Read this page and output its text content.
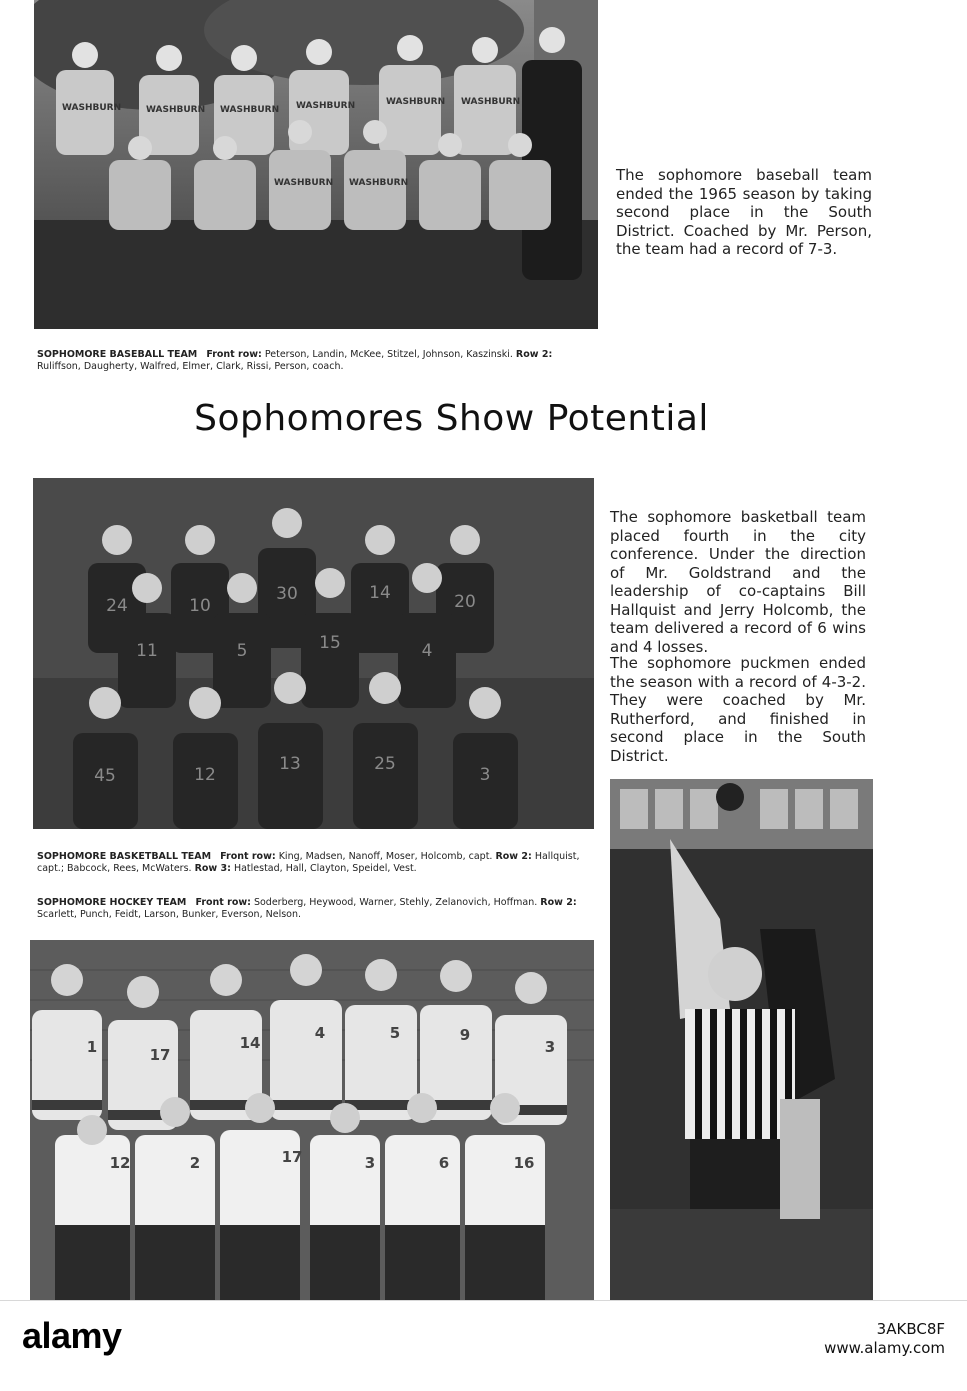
WASHBURN	WASHBURN WASHBURN WASHBURN	WASHBURN WASHBURN
WASHBURN WASHBURN	The sophomore baseball team ended the 1965 season by taking second place in the South District. Coached by Mr. Person, the team had a record of 7-3.

SOPHOMORE BASEBALL TEAM Front row: Peterson, Landin, McKee, Stitzel, Johnson, Kaszinski. Row 2: Ruliffson, Daugherty, Walfred, Elmer, Clark, Rissi, Person, coach.
Sophomores Show Potential
24	10
30	14	20
11	5	15	4
45	12
13	25
3

The sophomore basketball team placed fourth in the city conference. Under the direction of Mr. Goldstrand and the leadership of co-captains Bill Hallquist and Jerry Holcomb, the team delivered a record of 6 wins and 4 losses.

The sophomore puckmen ended the season with a record of 4-3-2. They were coached by Mr. Rutherford, and finished in second place in the South District.

SOPHOMORE BASKETBALL TEAM Front row: King, Madsen, Nanoff, Moser, Holcomb, capt. Row 2: Hallquist, capt.; Babcock, Rees, McWaters. Row 3: Hatlestad, Hall, Clayton, Speidel, Vest.
SOPHOMORE HOCKEY TEAM Front row: Soderberg, Heywood, Warner, Stehly, Zelanovich, Hoffman. Row 2: Scarlett, Punch, Feidt, Larson, Bunker, Everson, Nelson.
1	17
14
4	5	9
3
12	2	17	3	6	16
alamy	3AKBC8F
www.alamy.com
